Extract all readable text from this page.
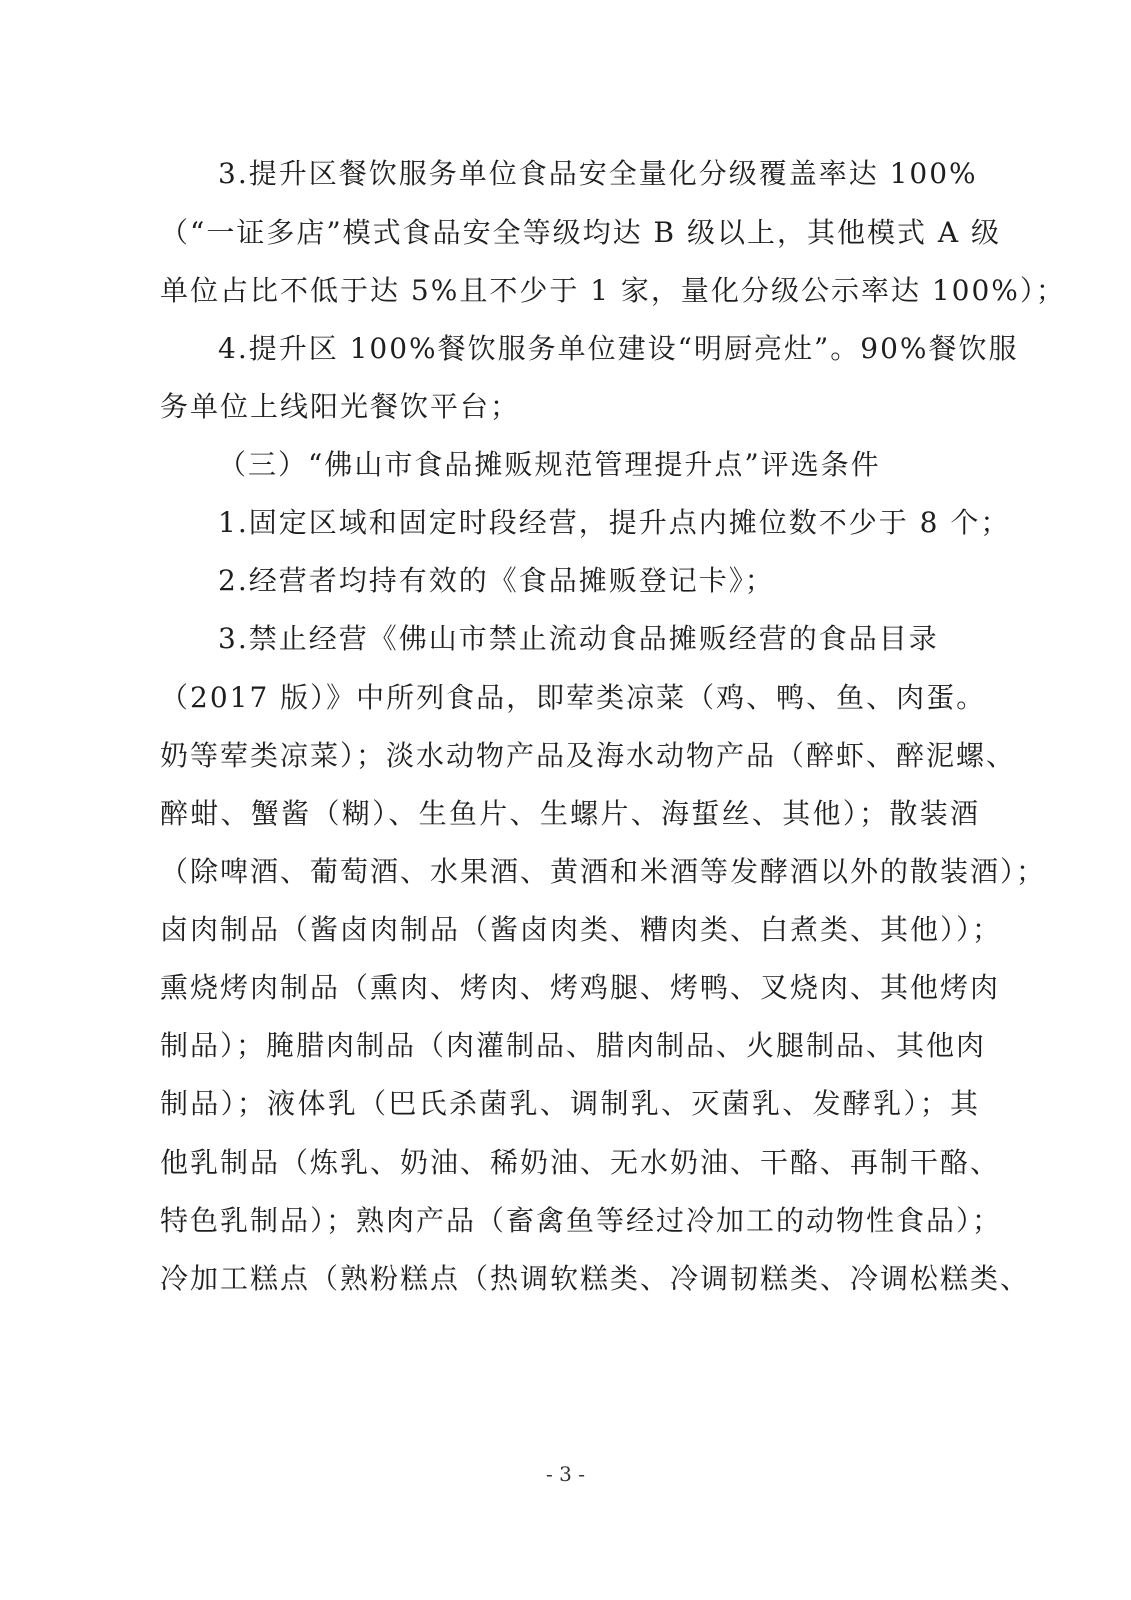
3.提升区餐饮服务单位食品安全量化分级覆盖率达 100%
（“一证多店”模式食品安全等级均达 B 级以上，其他模式 A 级
单位占比不低于达 5%且不少于 1 家，量化分级公示率达 100%）；
4.提升区 100%餐饮服务单位建设“明厨亮灶”。90%餐饮服
务单位上线阳光餐饮平台；
（三）“佛山市食品摊贩规范管理提升点”评选条件
1.固定区域和固定时段经营，提升点内摊位数不少于 8 个；
2.经营者均持有效的《食品摊贩登记卡》；
3.禁止经营《佛山市禁止流动食品摊贩经营的食品目录
（2017 版）》中所列食品，即荤类凉菜（鸡、鸭、鱼、肉蛋。
奶等荤类凉菜）；淡水动物产品及海水动物产品（醉虾、醉泥螺、
醉蚶、蟹酱（糊）、生鱼片、生螺片、海蜇丝、其他）；散装酒
（除啤酒、葡萄酒、水果酒、黄酒和米酒等发酵酒以外的散装酒）；
卤肉制品（酱卤肉制品（酱卤肉类、糟肉类、白煮类、其他））；
熏烧烤肉制品（熏肉、烤肉、烤鸡腿、烤鸭、叉烧肉、其他烤肉
制品）；腌腊肉制品（肉灌制品、腊肉制品、火腿制品、其他肉
制品）；液体乳（巴氏杀菌乳、调制乳、灭菌乳、发酵乳）；其
他乳制品（炼乳、奶油、稀奶油、无水奶油、干酪、再制干酪、
特色乳制品）；熟肉产品（畜禽鱼等经过冷加工的动物性食品）；
冷加工糕点（熟粉糕点（热调软糕类、冷调韧糕类、冷调松糕类、
- 3 -
